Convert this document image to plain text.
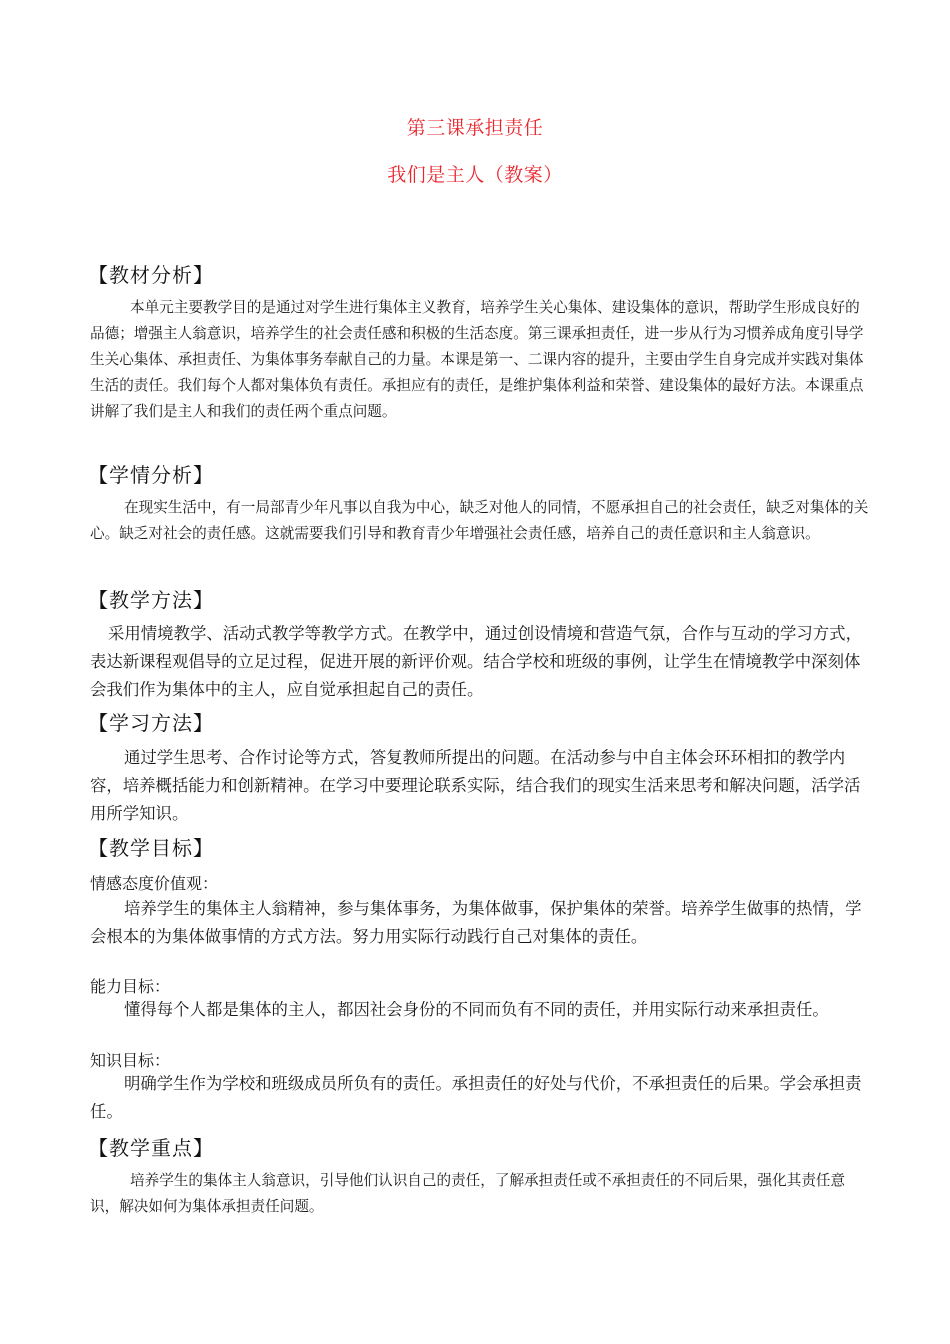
第三课承担责任
我们是主人（教案）
【教材分析】

本单元主要教学目的是通过对学生进行集体主义教育，培养学生关心集体、建设集体的意识，帮助学生形成良好的品德；增强主人翁意识，培养学生的社会责任感和积极的生活态度。第三课承担责任，进一步从行为习惯养成角度引导学生关心集体、承担责任、为集体事务奉献自己的力量。本课是第一、二课内容的提升，主要由学生自身完成并实践对集体生活的责任。我们每个人都对集体负有责任。承担应有的责任，是维护集体利益和荣誉、建设集体的最好方法。本课重点讲解了我们是主人和我们的责任两个重点问题。

【学情分析】

在现实生活中，有一局部青少年凡事以自我为中心，缺乏对他人的同情，不愿承担自己的社会责任，缺乏对集体的关心。缺乏对社会的责任感。这就需要我们引导和教育青少年增强社会责任感，培养自己的责任意识和主人翁意识。

【教学方法】

采用情境教学、活动式教学等教学方式。在教学中，通过创设情境和营造气氛，合作与互动的学习方式，表达新课程观倡导的立足过程，促进开展的新评价观。结合学校和班级的事例，让学生在情境教学中深刻体会我们作为集体中的主人，应自觉承担起自己的责任。

【学习方法】

通过学生思考、合作讨论等方式，答复教师所提出的问题。在活动参与中自主体会环环相扣的教学内容，培养概括能力和创新精神。在学习中要理论联系实际，结合我们的现实生活来思考和解决问题，活学活用所学知识。

【教学目标】
情感态度价值观：

培养学生的集体主人翁精神，参与集体事务，为集体做事，保护集体的荣誉。培养学生做事的热情，学会根本的为集体做事情的方式方法。努力用实际行动践行自己对集体的责任。

能力目标：

懂得每个人都是集体的主人，都因社会身份的不同而负有不同的责任，并用实际行动来承担责任。

知识目标：

明确学生作为学校和班级成员所负有的责任。承担责任的好处与代价，不承担责任的后果。学会承担责任。

【教学重点】

培养学生的集体主人翁意识，引导他们认识自己的责任，了解承担责任或不承担责任的不同后果，强化其责任意识，解决如何为集体承担责任问题。
